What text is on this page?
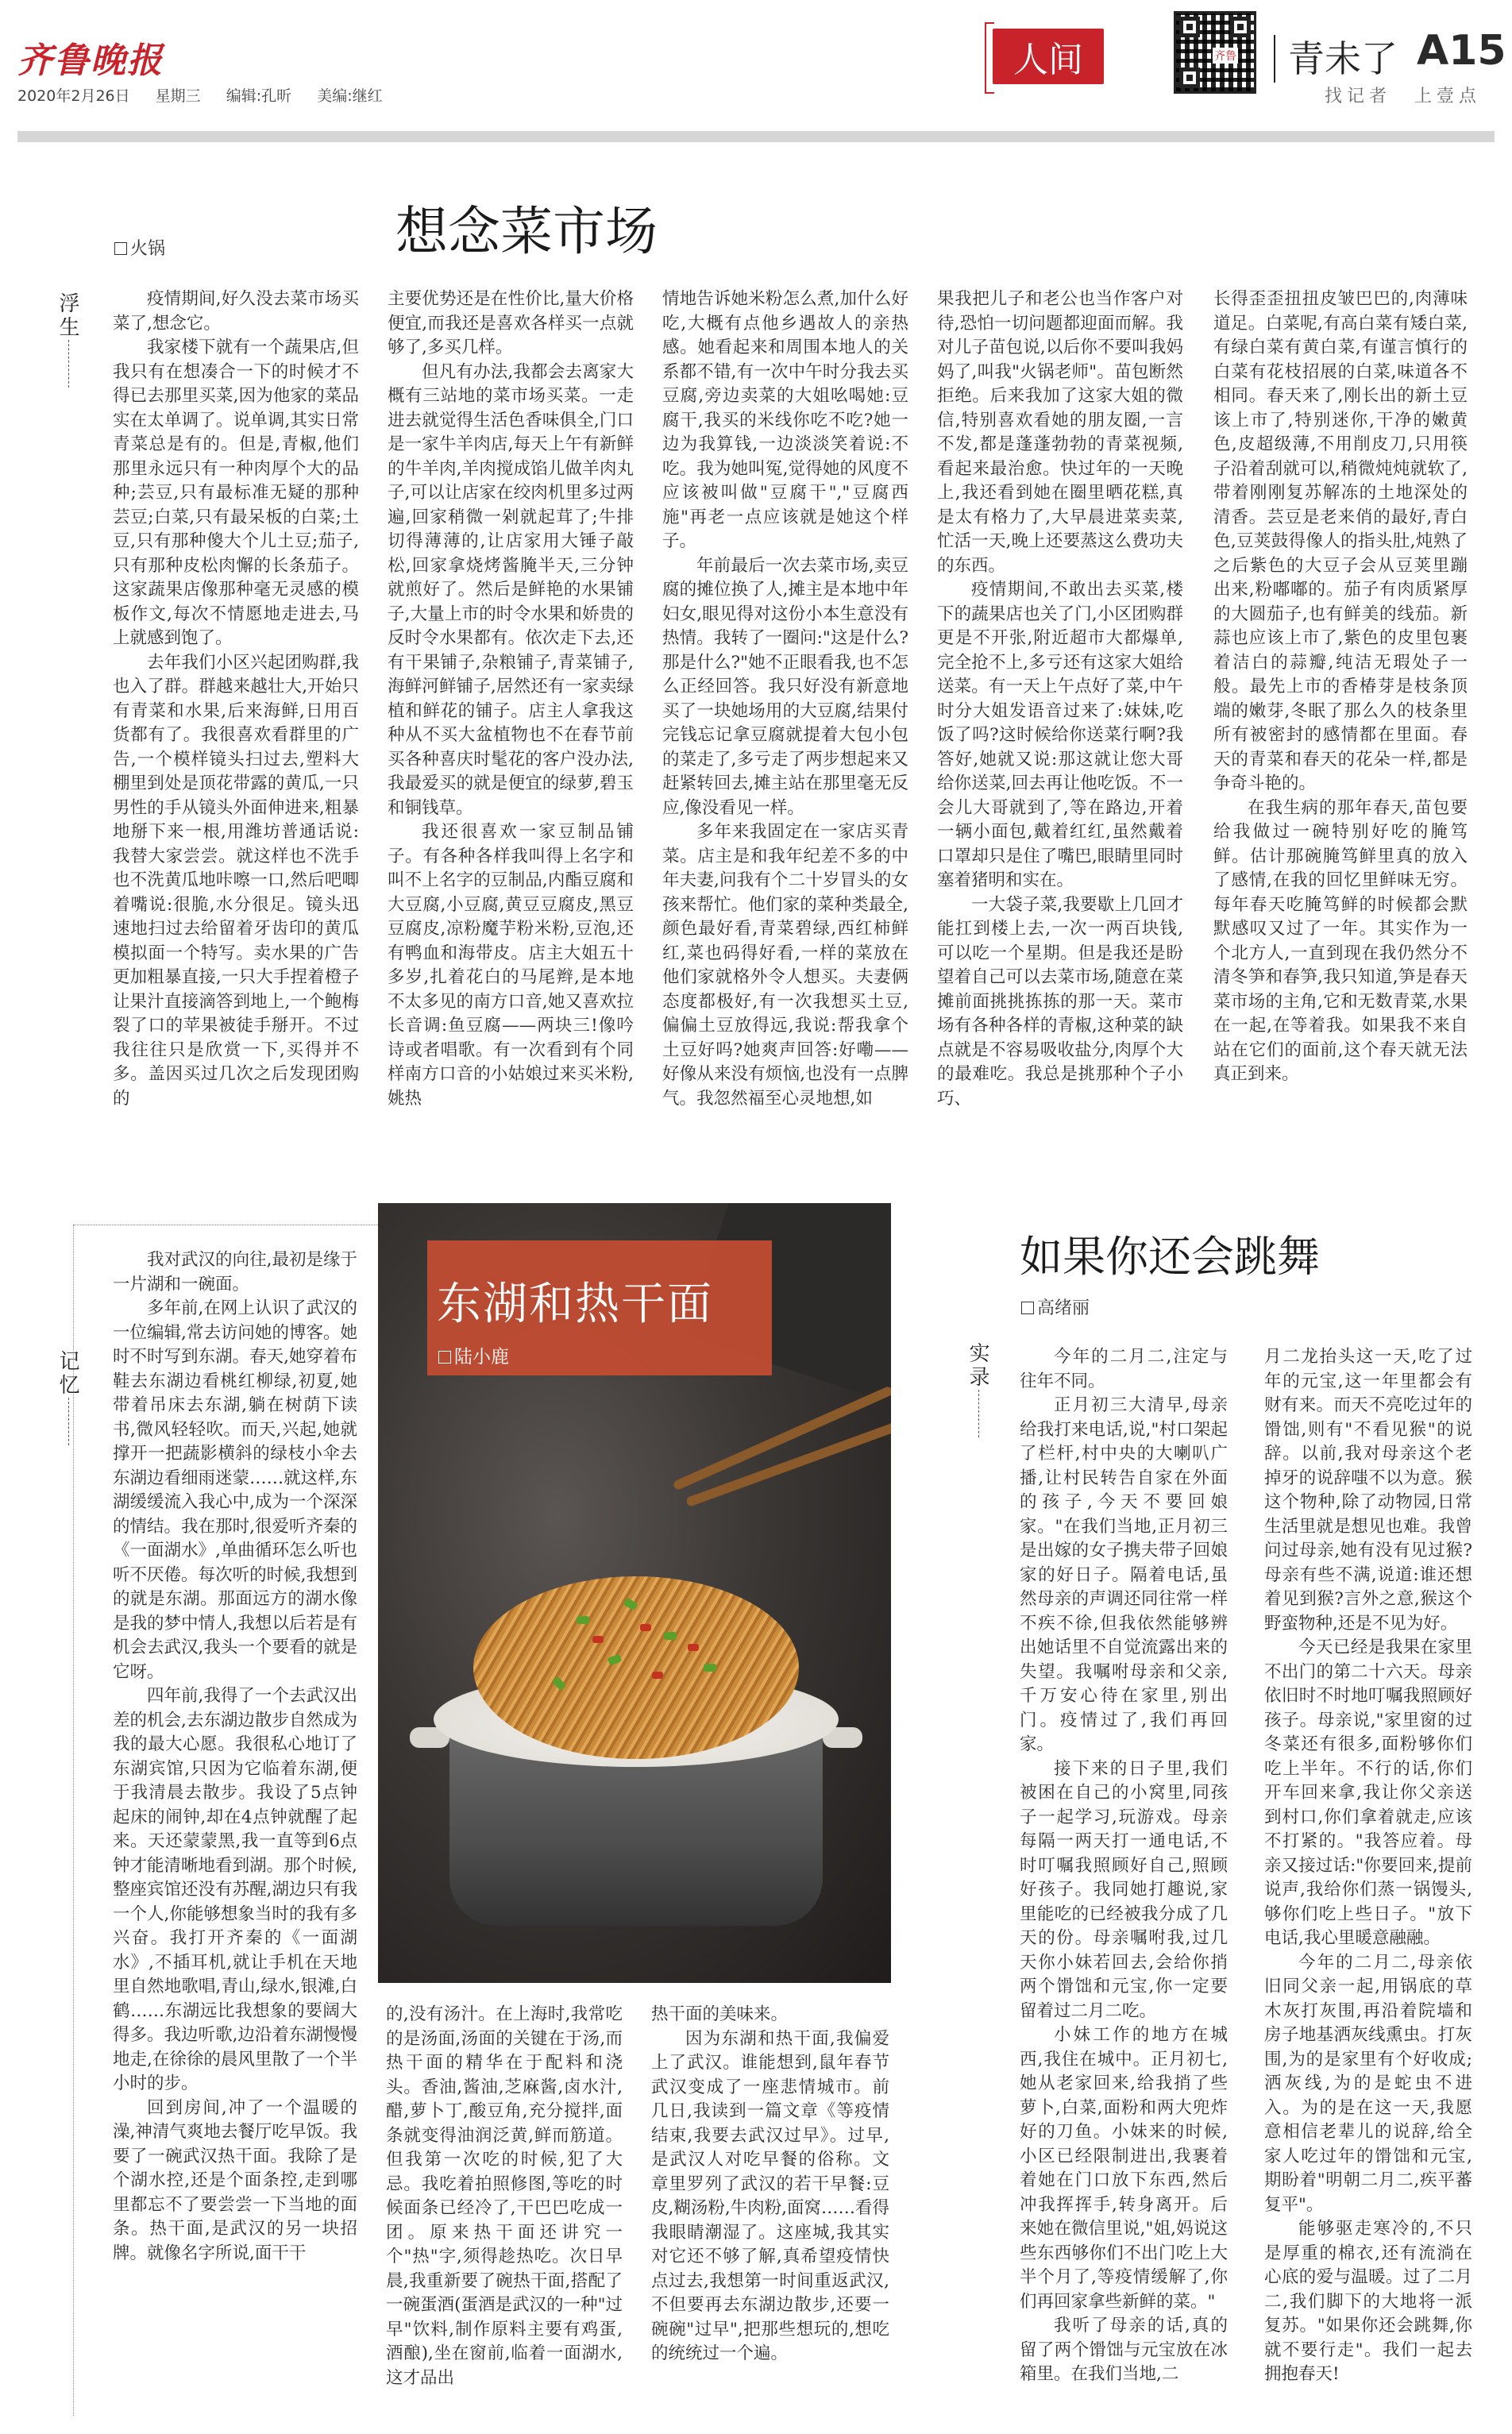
齐鲁晚报
2020年2月26日 星期三 编辑:孔昕 美编:继红
人间	齐鲁 青未了 A15
找记者 上壹点
想念菜市场
火锅
浮生	疫情期间,好久没去菜市场买菜了,想念它。

我家楼下就有一个蔬果店,但我只有在想凑合一下的时候才不得已去那里买菜,因为他家的菜品实在太单调了。说单调,其实日常青菜总是有的。但是,青椒,他们那里永远只有一种肉厚个大的品种;芸豆,只有最标准无疑的那种芸豆;白菜,只有最呆板的白菜;土豆,只有那种傻大个儿土豆;茄子,只有那种皮松肉懈的长条茄子。这家蔬果店像那种毫无灵感的模板作文,每次不情愿地走进去,马上就感到饱了。

去年我们小区兴起团购群,我也入了群。群越来越壮大,开始只有青菜和水果,后来海鲜,日用百货都有了。我很喜欢看群里的广告,一个模样镜头扫过去,塑料大棚里到处是顶花带露的黄瓜,一只男性的手从镜头外面伸进来,粗暴地掰下来一根,用潍坊普通话说:我替大家尝尝。就这样也不洗手也不洗黄瓜地咔嚓一口,然后吧唧着嘴说:很脆,水分很足。镜头迅速地扫过去给留着牙齿印的黄瓜模拟面一个特写。卖水果的广告更加粗暴直接,一只大手捏着橙子让果汁直接滴答到地上,一个鲍梅裂了口的苹果被徒手掰开。不过我往往只是欣赏一下,买得并不多。盖因买过几次之后发现团购的

主要优势还是在性价比,量大价格便宜,而我还是喜欢各样买一点就够了,多买几样。

但凡有办法,我都会去离家大概有三站地的菜市场买菜。一走进去就觉得生活色香味俱全,门口是一家牛羊肉店,每天上午有新鲜的牛羊肉,羊肉搅成馅儿做羊肉丸子,可以让店家在绞肉机里多过两遍,回家稍微一剁就起茸了;牛排切得薄薄的,让店家用大锤子敲松,回家拿烧烤酱腌半天,三分钟就煎好了。然后是鲜艳的水果铺子,大量上市的时令水果和娇贵的反时令水果都有。依次走下去,还有干果铺子,杂粮铺子,青菜铺子,海鲜河鲜铺子,居然还有一家卖绿植和鲜花的铺子。店主人拿我这种从不买大盆植物也不在春节前买各种喜庆时髦花的客户没办法,我最爱买的就是便宜的绿萝,碧玉和铜钱草。

我还很喜欢一家豆制品铺子。有各种各样我叫得上名字和叫不上名字的豆制品,内酯豆腐和大豆腐,小豆腐,黄豆豆腐皮,黑豆豆腐皮,凉粉魔芋粉米粉,豆泡,还有鸭血和海带皮。店主大姐五十多岁,扎着花白的马尾辫,是本地不太多见的南方口音,她又喜欢拉长音调:鱼豆腐——两块三!像吟诗或者唱歌。有一次看到有个同样南方口音的小姑娘过来买米粉,姚热

情地告诉她米粉怎么煮,加什么好吃,大概有点他乡遇故人的亲热感。她看起来和周围本地人的关系都不错,有一次中午时分我去买豆腐,旁边卖菜的大姐吆喝她:豆腐干,我买的米线你吃不吃?她一边为我算钱,一边淡淡笑着说:不吃。我为她叫冤,觉得她的风度不应该被叫做"豆腐干","豆腐西施"再老一点应该就是她这个样子。

年前最后一次去菜市场,卖豆腐的摊位换了人,摊主是本地中年妇女,眼见得对这份小本生意没有热情。我转了一圈问:"这是什么?那是什么?"她不正眼看我,也不怎么正经回答。我只好没有新意地买了一块她场用的大豆腐,结果付完钱忘记拿豆腐就提着大包小包的菜走了,多亏走了两步想起来又赶紧转回去,摊主站在那里毫无反应,像没看见一样。

多年来我固定在一家店买青菜。店主是和我年纪差不多的中年夫妻,问我有个二十岁冒头的女孩来帮忙。他们家的菜种类最全,颜色最好看,青菜碧绿,西红柿鲜红,菜也码得好看,一样的菜放在他们家就格外令人想买。夫妻俩态度都极好,有一次我想买土豆,偏偏土豆放得远,我说:帮我拿个土豆好吗?她爽声回答:好嘞——好像从来没有烦恼,也没有一点脾气。我忽然福至心灵地想,如

果我把儿子和老公也当作客户对待,恐怕一切问题都迎面而解。我对儿子苗包说,以后你不要叫我妈妈了,叫我"火锅老师"。苗包断然拒绝。后来我加了这家大姐的微信,特别喜欢看她的朋友圈,一言不发,都是蓬蓬勃勃的青菜视频,看起来最治愈。快过年的一天晚上,我还看到她在圈里晒花糕,真是太有格力了,大早晨进菜卖菜,忙活一天,晚上还要蒸这么费功夫的东西。

疫情期间,不敢出去买菜,楼下的蔬果店也关了门,小区团购群更是不开张,附近超市大都爆单,完全抢不上,多亏还有这家大姐给送菜。有一天上午点好了菜,中午时分大姐发语音过来了:妹妹,吃饭了吗?这时候给你送菜行啊?我答好,她就又说:那这就让您大哥给你送菜,回去再让他吃饭。不一会儿大哥就到了,等在路边,开着一辆小面包,戴着红红,虽然戴着口罩却只是住了嘴巴,眼睛里同时塞着猪明和实在。

一大袋子菜,我要歇上几回才能扛到楼上去,一次一两百块钱,可以吃一个星期。但是我还是盼望着自己可以去菜市场,随意在菜摊前面挑挑拣拣的那一天。菜市场有各种各样的青椒,这种菜的缺点就是不容易吸收盐分,肉厚个大的最难吃。我总是挑那种个子小巧、

长得歪歪扭扭皮皱巴巴的,肉薄味道足。白菜呢,有高白菜有矮白菜,有绿白菜有黄白菜,有谨言慎行的白菜有花枝招展的白菜,味道各不相同。春天来了,刚长出的新土豆该上市了,特别迷你,干净的嫩黄色,皮超级薄,不用削皮刀,只用筷子沿着刮就可以,稍微炖炖就软了,带着刚刚复苏解冻的土地深处的清香。芸豆是老来俏的最好,青白色,豆荚鼓得像人的指头肚,炖熟了之后紫色的大豆子会从豆荚里蹦出来,粉嘟嘟的。茄子有肉质紧厚的大圆茄子,也有鲜美的线茄。新蒜也应该上市了,紫色的皮里包裹着洁白的蒜瓣,纯洁无瑕处子一般。最先上市的香椿芽是枝条顶端的嫩芽,冬眠了那么久的枝条里所有被密封的感情都在里面。春天的青菜和春天的花朵一样,都是争奇斗艳的。

在我生病的那年春天,苗包要给我做过一碗特别好吃的腌笃鲜。估计那碗腌笃鲜里真的放入了感情,在我的回忆里鲜味无穷。每年春天吃腌笃鲜的时候都会默默感叹又过了一年。其实作为一个北方人,一直到现在我仍然分不清冬笋和春笋,我只知道,笋是春天菜市场的主角,它和无数青菜,水果在一起,在等着我。如果我不来自站在它们的面前,这个春天就无法真正到来。

东湖和热干面
陆小鹿
记忆

我对武汉的向往,最初是缘于一片湖和一碗面。

多年前,在网上认识了武汉的一位编辑,常去访问她的博客。她时不时写到东湖。春天,她穿着布鞋去东湖边看桃红柳绿,初夏,她带着吊床去东湖,躺在树荫下读书,微风轻轻吹。而天,兴起,她就撑开一把蔬影横斜的绿枝小伞去东湖边看细雨迷蒙……就这样,东湖缓缓流入我心中,成为一个深深的情结。我在那时,很爱听齐秦的《一面湖水》,单曲循环怎么听也听不厌倦。每次听的时候,我想到的就是东湖。那面远方的湖水像是我的梦中情人,我想以后若是有机会去武汉,我头一个要看的就是它呀。

四年前,我得了一个去武汉出差的机会,去东湖边散步自然成为我的最大心愿。我很私心地订了东湖宾馆,只因为它临着东湖,便于我清晨去散步。我设了5点钟起床的闹钟,却在4点钟就醒了起来。天还蒙蒙黑,我一直等到6点钟才能清晰地看到湖。那个时候,整座宾馆还没有苏醒,湖边只有我一个人,你能够想象当时的我有多兴奋。我打开齐秦的《一面湖水》,不插耳机,就让手机在天地里自然地歌唱,青山,绿水,银滩,白鹤……东湖远比我想象的要阔大得多。我边听歌,边沿着东湖慢慢地走,在徐徐的晨风里散了一个半小时的步。

回到房间,冲了一个温暖的澡,神清气爽地去餐厅吃早饭。我要了一碗武汉热干面。我除了是个湖水控,还是个面条控,走到哪里都忘不了要尝尝一下当地的面条。热干面,是武汉的另一块招牌。就像名字所说,面干干

的,没有汤汁。在上海时,我常吃的是汤面,汤面的关键在于汤,而热干面的精华在于配料和浇头。香油,酱油,芝麻酱,卤水汁,醋,萝卜丁,酸豆角,充分搅拌,面条就变得油润泛黄,鲜而筋道。但我第一次吃的时候,犯了大忌。我吃着拍照修图,等吃的时候面条已经冷了,干巴巴吃成一团。原来热干面还讲究一个"热"字,须得趁热吃。次日早晨,我重新要了碗热干面,搭配了一碗蛋酒(蛋酒是武汉的一种"过早"饮料,制作原料主要有鸡蛋,酒酿),坐在窗前,临着一面湖水,这才品出

热干面的美味来。

因为东湖和热干面,我偏爱上了武汉。谁能想到,鼠年春节武汉变成了一座悲情城市。前几日,我读到一篇文章《等疫情结束,我要去武汉过早》。过早,是武汉人对吃早餐的俗称。文章里罗列了武汉的若干早餐:豆皮,糊汤粉,牛肉粉,面窝……看得我眼睛潮湿了。这座城,我其实对它还不够了解,真希望疫情快点过去,我想第一时间重返武汉,不但要再去东湖边散步,还要一碗碗"过早",把那些想玩的,想吃的统统过一个遍。

如果你还会跳舞
高绪丽
实录	今年的二月二,注定与往年不同。

正月初三大清早,母亲给我打来电话,说,"村口架起了栏杆,村中央的大喇叭广播,让村民转告自家在外面的孩子,今天不要回娘家。"在我们当地,正月初三是出嫁的女子携夫带子回娘家的好日子。隔着电话,虽然母亲的声调还同往常一样不疾不徐,但我依然能够辨出她话里不自觉流露出来的失望。我嘱咐母亲和父亲,千万安心待在家里,别出门。疫情过了,我们再回家。

接下来的日子里,我们被困在自己的小窝里,同孩子一起学习,玩游戏。母亲每隔一两天打一通电话,不时叮嘱我照顾好自己,照顾好孩子。我同她打趣说,家里能吃的已经被我分成了几天的份。母亲嘱咐我,过几天你小妹若回去,会给你捎两个馉饳和元宝,你一定要留着过二月二吃。

小妹工作的地方在城西,我住在城中。正月初七,她从老家回来,给我捎了些萝卜,白菜,面粉和两大兜炸好的刀鱼。小妹来的时候,小区已经限制进出,我裹着着她在门口放下东西,然后冲我挥挥手,转身离开。后来她在微信里说,"姐,妈说这些东西够你们不出门吃上大半个月了,等疫情缓解了,你们再回家拿些新鲜的菜。"

我听了母亲的话,真的留了两个馉饳与元宝放在冰箱里。在我们当地,二

月二龙抬头这一天,吃了过年的元宝,这一年里都会有财有来。而天不亮吃过年的馉饳,则有"不看见猴"的说辞。以前,我对母亲这个老掉牙的说辞嗤不以为意。猴这个物种,除了动物园,日常生活里就是想见也难。我曾问过母亲,她有没有见过猴?母亲有些不满,说道:谁还想着见到猴?言外之意,猴这个野蛮物种,还是不见为好。

今天已经是我果在家里不出门的第二十六天。母亲依旧时不时地叮嘱我照顾好孩子。母亲说,"家里窗的过冬菜还有很多,面粉够你们吃上半年。不行的话,你们开车回来拿,我让你父亲送到村口,你们拿着就走,应该不打紧的。"我答应着。母亲又接过话:"你要回来,提前说声,我给你们蒸一锅馒头,够你们吃上些日子。"放下电话,我心里暖意融融。

今年的二月二,母亲依旧同父亲一起,用锅底的草木灰打灰围,再沿着院墙和房子地基洒灰线熏虫。打灰围,为的是家里有个好收成;洒灰线,为的是蛇虫不进入。为的是在这一天,我愿意相信老辈儿的说辞,给全家人吃过年的馉饳和元宝,期盼着"明朝二月二,疾平蕃复平"。

能够驱走寒冷的,不只是厚重的棉衣,还有流淌在心底的爱与温暖。过了二月二,我们脚下的大地将一派复苏。"如果你还会跳舞,你就不要行走"。我们一起去拥抱春天!
